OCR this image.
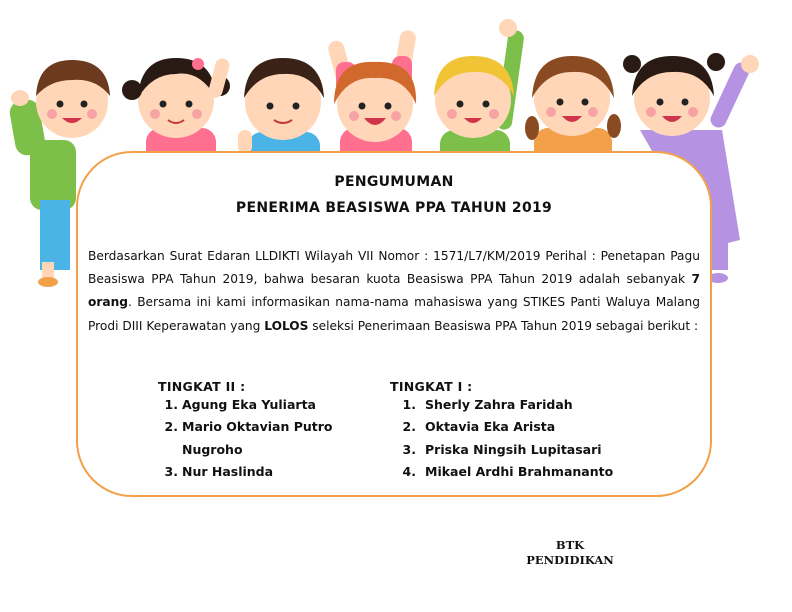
PENGUMUMAN
PENERIMA BEASISWA PPA TAHUN 2019
Berdasarkan Surat Edaran LLDIKTI Wilayah VII Nomor : 1571/L7/KM/2019 Perihal : Penetapan Pagu Beasiswa PPA Tahun 2019, bahwa besaran kuota Beasiswa PPA Tahun 2019 adalah sebanyak 7 orang. Bersama ini kami informasikan nama-nama mahasiswa yang STIKES Panti Waluya Malang Prodi DIII Keperawatan yang LOLOS seleksi Penerimaan Beasiswa PPA Tahun 2019 sebagai berikut :
TINGKAT II :
1. Agung Eka Yuliarta
2. Mario Oktavian Putro
Nugroho
3. Nur Haslinda
TINGKAT I :
1. Sherly Zahra Faridah
2. Oktavia Eka Arista
3. Priska Ningsih Lupitasari
4. Mikael Ardhi Brahmananto
BTK
PENDIDIKAN
